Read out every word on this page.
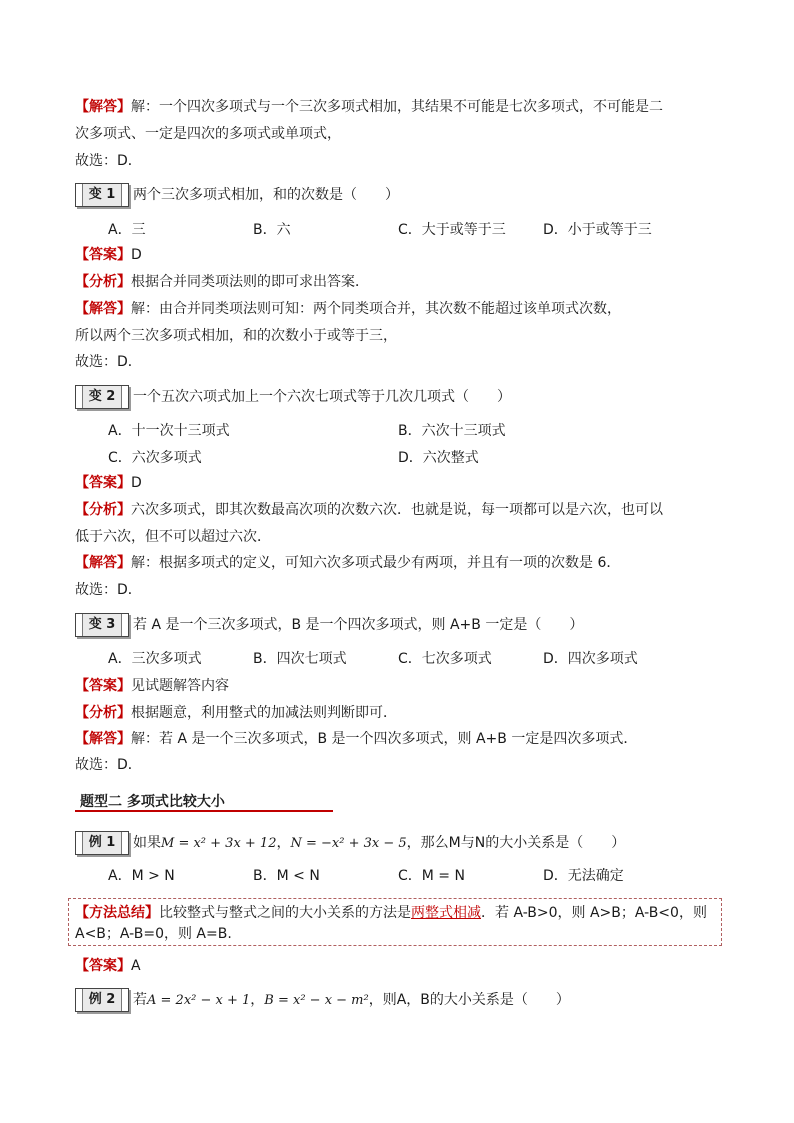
【解答】解：一个四次多项式与一个三次多项式相加，其结果不可能是七次多项式，不可能是二
次多项式、一定是四次的多项式或单项式，
故选：D．
变 1	两个三次多项式相加，和的次数是（　　）
A．三	B．六	C．大于或等于三	D．小于或等于三
【答案】D
【分析】根据合并同类项法则的即可求出答案．
【解答】解：由合并同类项法则可知：两个同类项合并，其次数不能超过该单项式次数，
所以两个三次多项式相加，和的次数小于或等于三，
故选：D．
变 2	一个五次六项式加上一个六次七项式等于几次几项式（　　）
A．十一次十三项式	B．六次十三项式
C．六次多项式	D．六次整式
【答案】D
【分析】六次多项式，即其次数最高次项的次数六次．也就是说，每一项都可以是六次，也可以
低于六次，但不可以超过六次．
【解答】解：根据多项式的定义，可知六次多项式最少有两项，并且有一项的次数是 6．
故选：D．
变 3	若 A 是一个三次多项式，B 是一个四次多项式，则 A+B 一定是（　　）
A．三次多项式	B．四次七项式	C．七次多项式	D．四次多项式
【答案】见试题解答内容
【分析】根据题意，利用整式的加减法则判断即可．
【解答】解：若 A 是一个三次多项式，B 是一个四次多项式，则 A+B 一定是四次多项式．
故选：D．
题型二 多项式比较大小
例 1	如果M = x² + 3x + 12，N = −x² + 3x − 5，那么M与N的大小关系是（　　）
A．M > N	B．M < N	C．M = N	D．无法确定
【方法总结】比较整式与整式之间的大小关系的方法是两整式相减．若 A-B>0，则 A>B；A-B<0，则
A<B；A-B=0，则 A=B.
【答案】A
例 2	若A = 2x² − x + 1，B = x² − x − m²，则A，B的大小关系是（　　）
